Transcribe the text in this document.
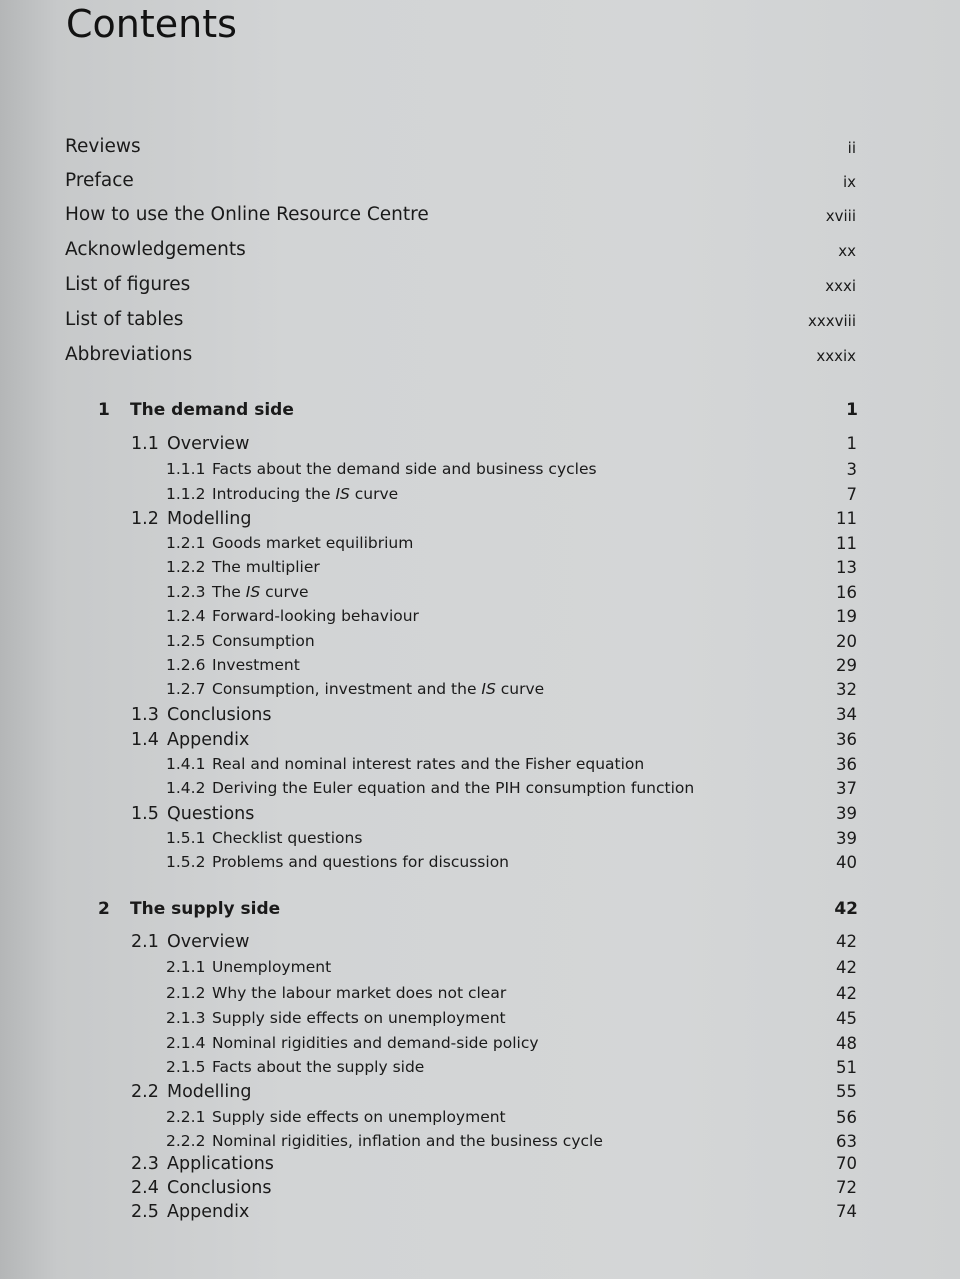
Contents
Reviews	ii
Preface	ix
How to use the Online Resource Centre	xviii
Acknowledgements	xx
List of figures	xxxi
List of tables	xxxviii
Abbreviations	xxxix
1 The demand side	1
1.1 Overview	1
1.1.1 Facts about the demand side and business cycles	3
1.1.2 Introducing the IS curve	7
1.2 Modelling	11
1.2.1 Goods market equilibrium	11
1.2.2 The multiplier	13
1.2.3 The IS curve	16
1.2.4 Forward-looking behaviour	19
1.2.5 Consumption	20
1.2.6 Investment	29
1.2.7 Consumption, investment and the IS curve	32
1.3 Conclusions	34
1.4 Appendix	36
1.4.1 Real and nominal interest rates and the Fisher equation	36
1.4.2 Deriving the Euler equation and the PIH consumption function	37
1.5 Questions	39
1.5.1 Checklist questions	39
1.5.2 Problems and questions for discussion	40
2 The supply side	42
2.1 Overview	42
2.1.1 Unemployment	42
2.1.2 Why the labour market does not clear	42
2.1.3 Supply side effects on unemployment	45
2.1.4 Nominal rigidities and demand-side policy	48
2.1.5 Facts about the supply side	51
2.2 Modelling	55
2.2.1 Supply side effects on unemployment	56
2.2.2 Nominal rigidities, inflation and the business cycle	63
2.3 Applications	70
2.4 Conclusions	72
2.5 Appendix	74
